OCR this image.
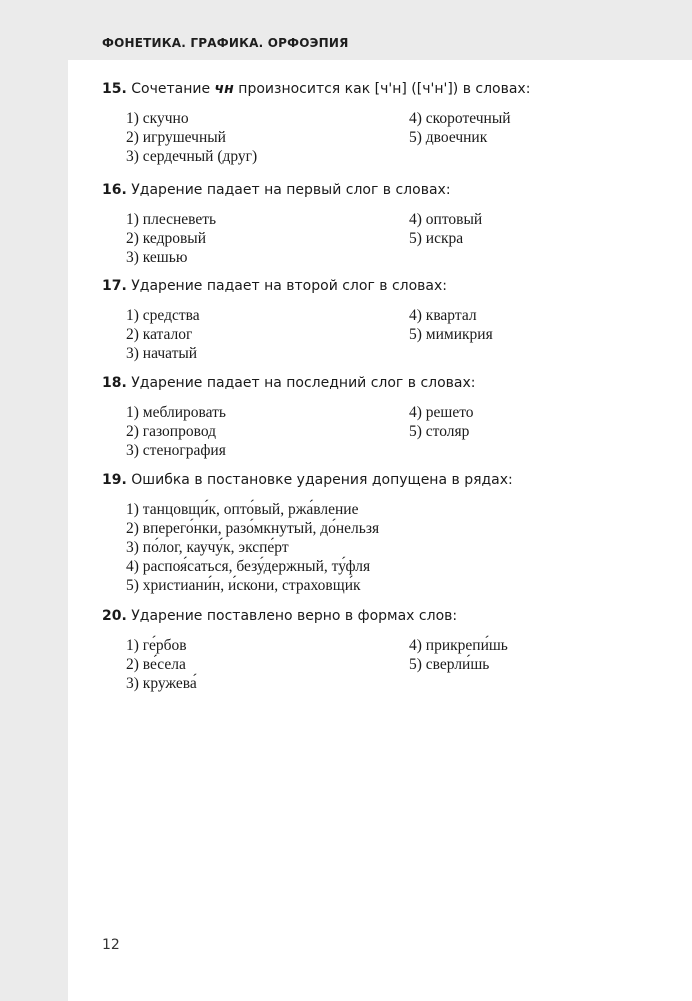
ФОНЕТИКА. ГРАФИКА. ОРФОЭПИЯ
15. Сочетание чн произносится как [ч'н] ([ч'н']) в словах:
1) скучно
2) игрушечный
3) сердечный (друг)
4) скоротечный
5) двоечник
16. Ударение падает на первый слог в словах:
1) плесневеть
2) кедровый
3) кешью
4) оптовый
5) искра
17. Ударение падает на второй слог в словах:
1) средства
2) каталог
3) начатый
4) квартал
5) мимикрия
18. Ударение падает на последний слог в словах:
1) меблировать
2) газопровод
3) стенография
4) решето
5) столяр
19. Ошибка в постановке ударения допущена в рядах:
1) танцовщи́к, опто́вый, ржа́вление
2) вперего́нки, разо́мкнутый, до́нельзя
3) по́лог, каучу́к, экспе́рт
4) распоя́саться, безу́держный, ту́фля
5) христиани́н, и́скони, страховщи́к
20. Ударение поставлено верно в формах слов:
1) ге́рбов
2) ве́села
3) кружева́
4) прикрепи́шь
5) сверли́шь
12
